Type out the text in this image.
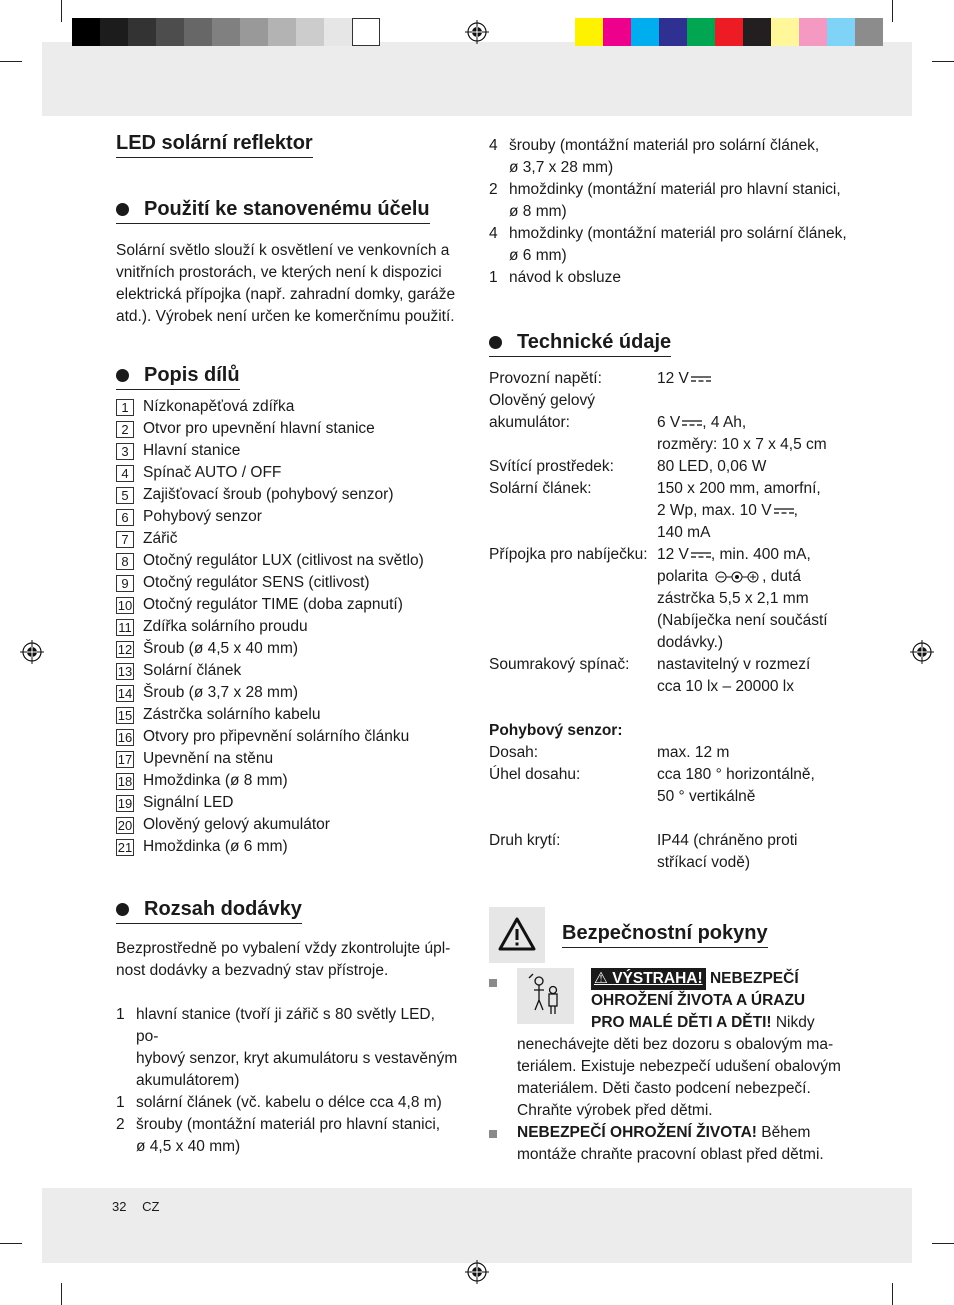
LED solární reflektor
Použití ke stanovenému účelu
Solární světlo slouží k osvětlení ve venkovních a
vnitřních prostorách, ve kterých není k dispozici
elektrická přípojka (např. zahradní domky, garáže
atd.). Výrobek není určen ke komerčnímu použití.
Popis dílů
1 Nízkonapěťová zdířka
2 Otvor pro upevnění hlavní stanice
3 Hlavní stanice
4 Spínač AUTO / OFF
5 Zajišťovací šroub (pohybový senzor)
6 Pohybový senzor
7 Zářič
8 Otočný regulátor LUX (citlivost na světlo)
9 Otočný regulátor SENS (citlivost)
10 Otočný regulátor TIME (doba zapnutí)
11 Zdířka solárního proudu
12 Šroub (ø 4,5 x 40 mm)
13 Solární článek
14 Šroub (ø 3,7 x 28 mm)
15 Zástrčka solárního kabelu
16 Otvory pro připevnění solárního článku
17 Upevnění na stěnu
18 Hmoždinka (ø 8 mm)
19 Signální LED
20 Olověný gelový akumulátor
21 Hmoždinka (ø 6 mm)
Rozsah dodávky
Bezprostředně po vybalení vždy zkontrolujte úpl-
nost dodávky a bezvadný stav přístroje.
1 hlavní stanice (tvoří ji zářič s 80 světly LED, po-
hybový senzor, kryt akumulátoru s vestavěným
akumulátorem)
1 solární článek (vč. kabelu o délce cca 4,8 m)
2 šrouby (montážní materiál pro hlavní stanici,
ø 4,5 x 40 mm)
4 šrouby (montážní materiál pro solární článek,
ø 3,7 x 28 mm)
2 hmoždinky (montážní materiál pro hlavní stanici,
ø 8 mm)
4 hmoždinky (montážní materiál pro solární článek,
ø 6 mm)
1 návod k obsluze
Technické údaje
Provozní napětí:	12 V
Olověný gelový
akumulátor:	6 V , 4 Ah,
rozměry: 10 x 7 x 4,5 cm
Svítící prostředek:	80 LED, 0,06 W
Solární článek:	150 x 200 mm, amorfní,
2 Wp, max. 10 V ,
140 mA
Přípojka pro nabíječku: 12 V , min. 400 mA,
polarita	, dutá
zástrčka 5,5 x 2,1 mm
(Nabíječka není součástí
dodávky.)
Soumrakový spínač:	nastavitelný v rozmezí
cca 10 lx – 20000 lx
Pohybový senzor:
Dosah:	max. 12 m
Úhel dosahu:	cca 180 ° horizontálně,
50 ° vertikálně
Druh krytí:	IP44 (chráněno proti
stříkací vodě)
Bezpečnostní pokyny
⚠ VÝSTRAHA! NEBEZPEČÍ
OHROŽENÍ ŽIVOTA A ÚRAZU
PRO MALÉ DĚTI A DĚTI! Nikdy
nenechávejte děti bez dozoru s obalovým ma-
teriálem. Existuje nebezpečí udušení obalovým
materiálem. Děti často podcení nebezpečí.
Chraňte výrobek před dětmi.
NEBEZPEČÍ OHROŽENÍ ŽIVOTA! Během
montáže chraňte pracovní oblast před dětmi.
32 CZ
